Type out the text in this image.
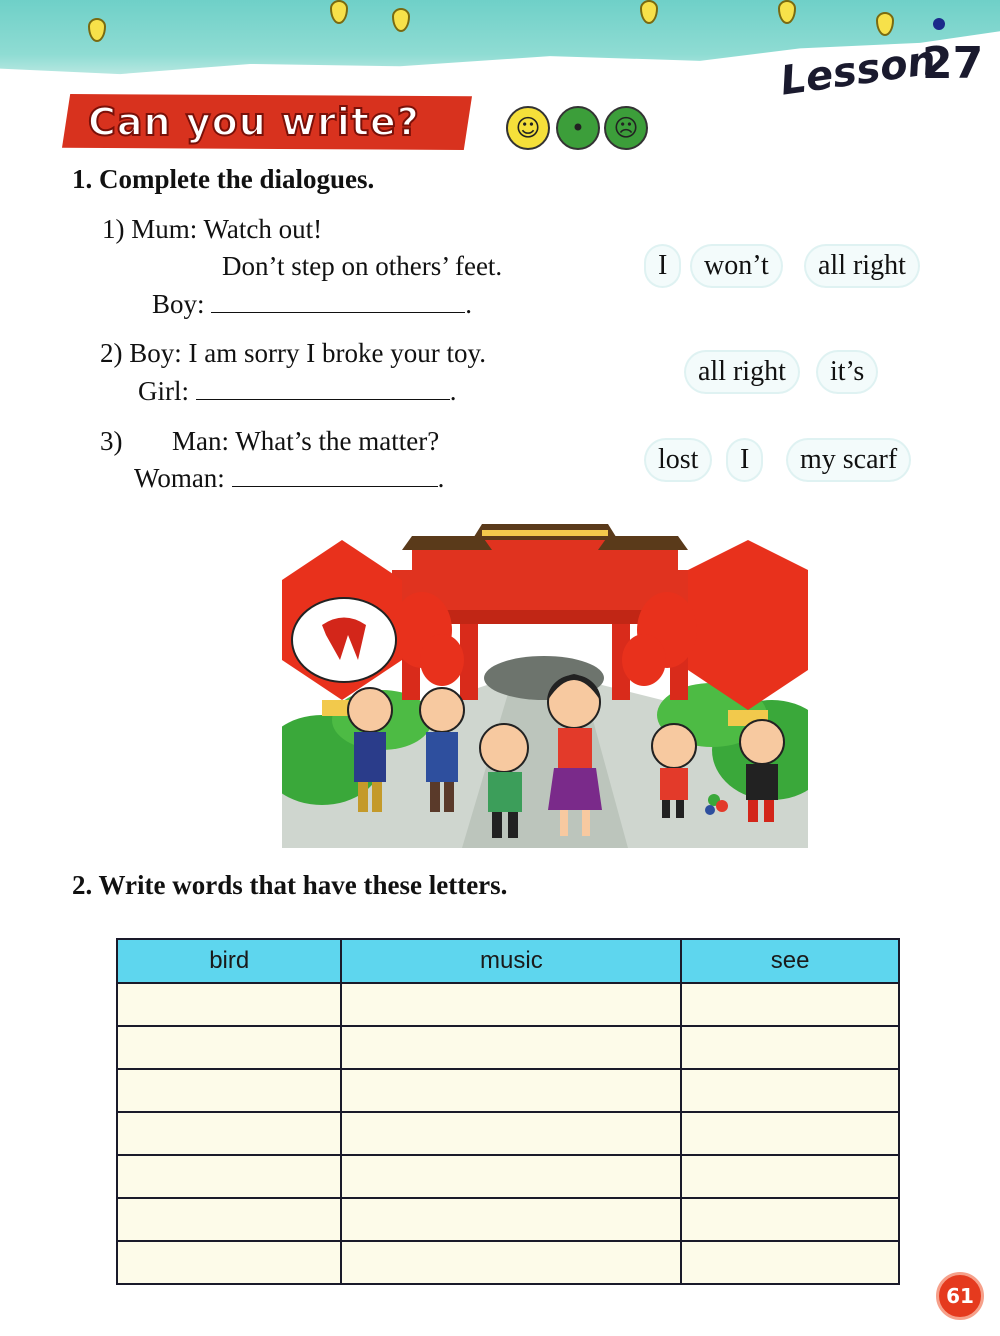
Lesson
27
Can you write?	☺	•	☹
1. Complete the dialogues.
1) Mum: Watch out!
Don’t step on others’ feet.
Boy:	.
I	won’t	all right
2) Boy: I am sorry I broke your toy.
Girl:	.
all right	it’s
3) Man: What’s the matter?
Woman:	.
lost	I	my scarf
2. Write words that have these letters.
bird	music	see

61
